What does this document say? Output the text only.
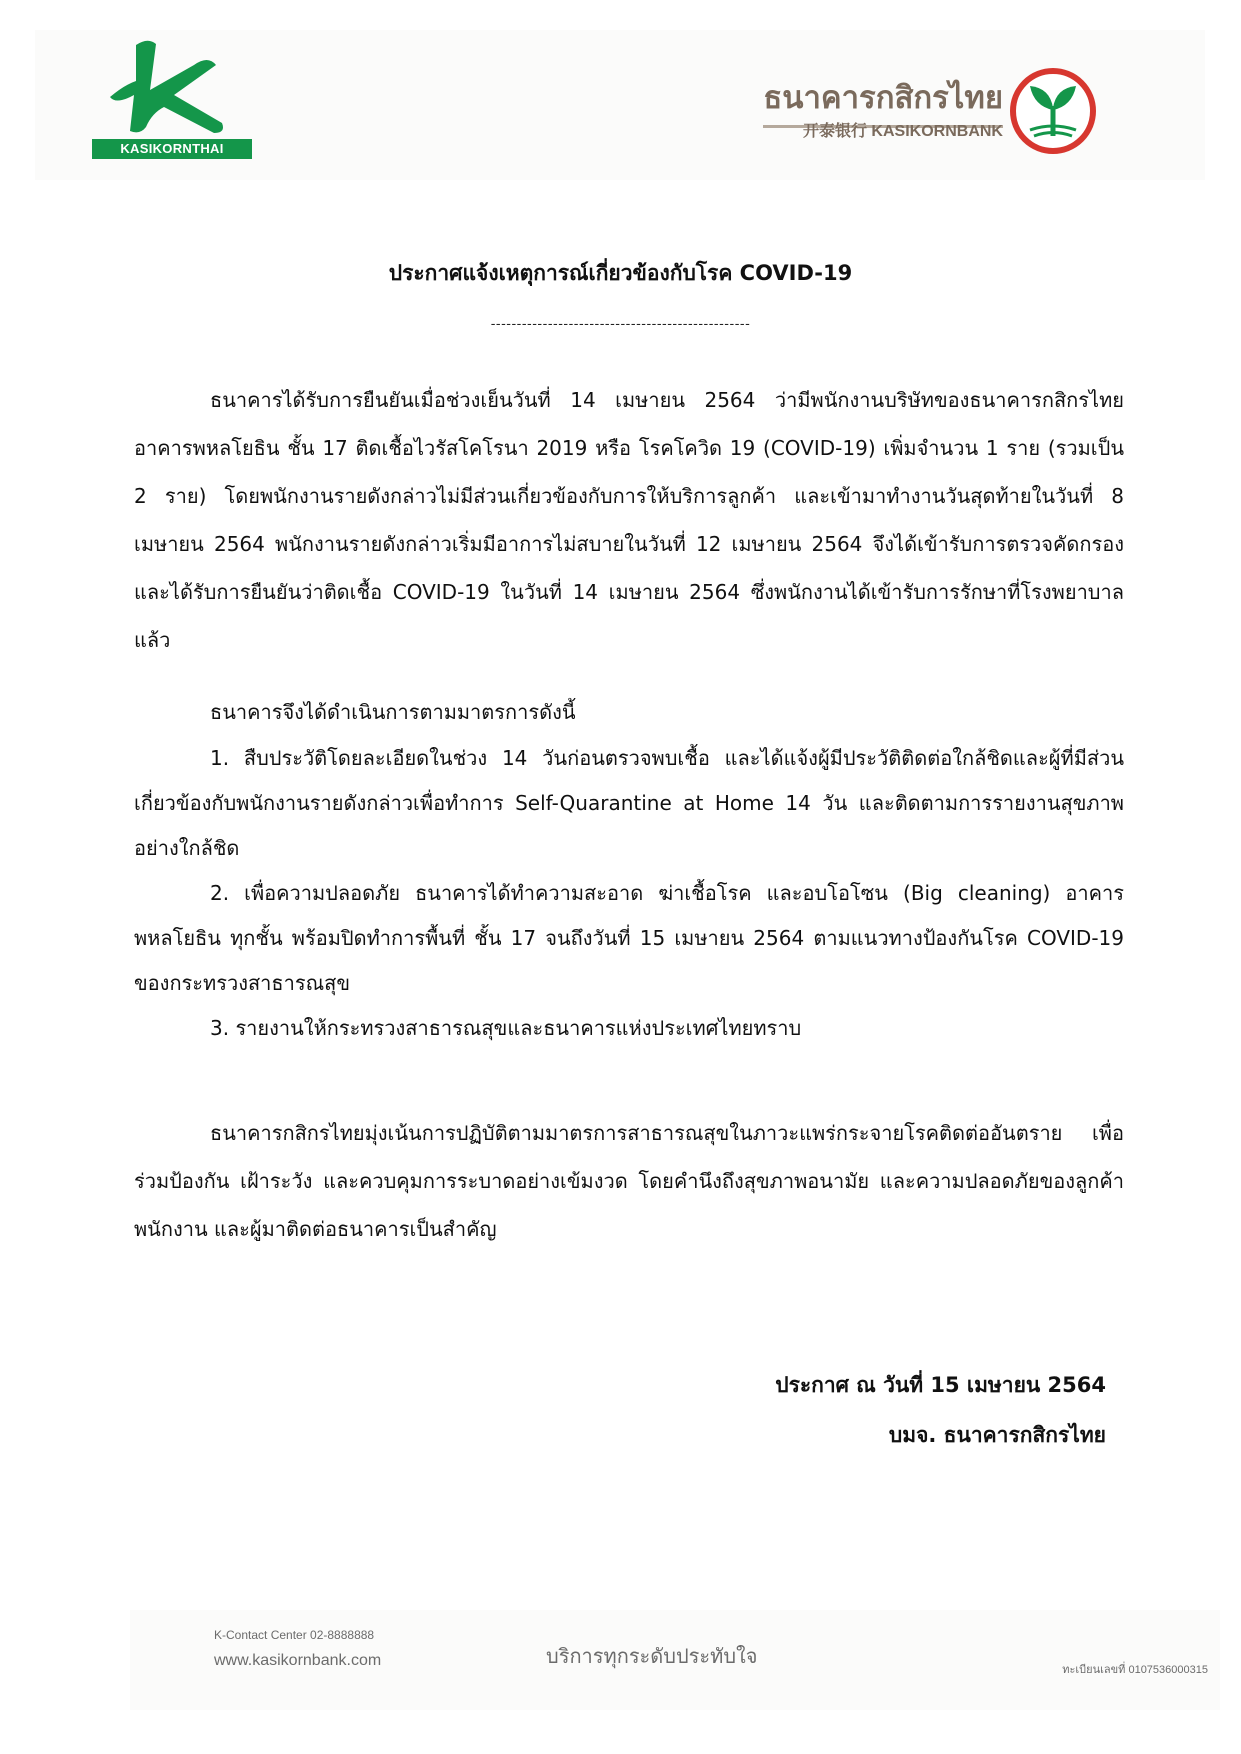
KASIKORNTHAI
ธนาคารกสิกรไทย
开泰银行 KASIKORNBANK
ประกาศแจ้งเหตุการณ์เกี่ยวข้องกับโรค COVID-19
--------------------------------------------------

ธนาคารได้รับการยืนยันเมื่อช่วงเย็นวันที่ 14 เมษายน 2564 ว่ามีพนักงานบริษัทของธนาคารกสิกรไทย อาคารพหลโยธิน ชั้น 17 ติดเชื้อไวรัสโคโรนา 2019 หรือ โรคโควิด 19 (COVID-19) เพิ่มจำนวน 1 ราย (รวมเป็น 2 ราย) โดยพนักงานรายดังกล่าวไม่มีส่วนเกี่ยวข้องกับการให้บริการลูกค้า และเข้ามาทำงานวันสุดท้ายในวันที่ 8 เมษายน 2564 พนักงานรายดังกล่าวเริ่มมีอาการไม่สบายในวันที่ 12 เมษายน 2564 จึงได้เข้ารับการตรวจคัดกรอง และได้รับการยืนยันว่าติดเชื้อ COVID-19 ในวันที่ 14 เมษายน 2564 ซึ่งพนักงานได้เข้ารับการรักษาที่โรงพยาบาลแล้ว

ธนาคารจึงได้ดำเนินการตามมาตรการดังนี้

1. สืบประวัติโดยละเอียดในช่วง 14 วันก่อนตรวจพบเชื้อ และได้แจ้งผู้มีประวัติติดต่อใกล้ชิดและผู้ที่มีส่วนเกี่ยวข้องกับพนักงานรายดังกล่าวเพื่อทำการ Self-Quarantine at Home 14 วัน และติดตามการรายงานสุขภาพอย่างใกล้ชิด

2. เพื่อความปลอดภัย ธนาคารได้ทำความสะอาด ฆ่าเชื้อโรค และอบโอโซน (Big cleaning) อาคารพหลโยธิน ทุกชั้น พร้อมปิดทำการพื้นที่ ชั้น 17 จนถึงวันที่ 15 เมษายน 2564 ตามแนวทางป้องกันโรค COVID-19 ของกระทรวงสาธารณสุข

3. รายงานให้กระทรวงสาธารณสุขและธนาคารแห่งประเทศไทยทราบ

ธนาคารกสิกรไทยมุ่งเน้นการปฏิบัติตามมาตรการสาธารณสุขในภาวะแพร่กระจายโรคติดต่ออันตราย เพื่อร่วมป้องกัน เฝ้าระวัง และควบคุมการระบาดอย่างเข้มงวด โดยคำนึงถึงสุขภาพอนามัย และความปลอดภัยของลูกค้า พนักงาน และผู้มาติดต่อธนาคารเป็นสำคัญ

ประกาศ ณ วันที่ 15 เมษายน 2564
บมจ. ธนาคารกสิกรไทย
K-Contact Center 02-8888888
www.kasikornbank.com	บริการทุกระดับประทับใจ
ทะเบียนเลขที่ 0107536000315
